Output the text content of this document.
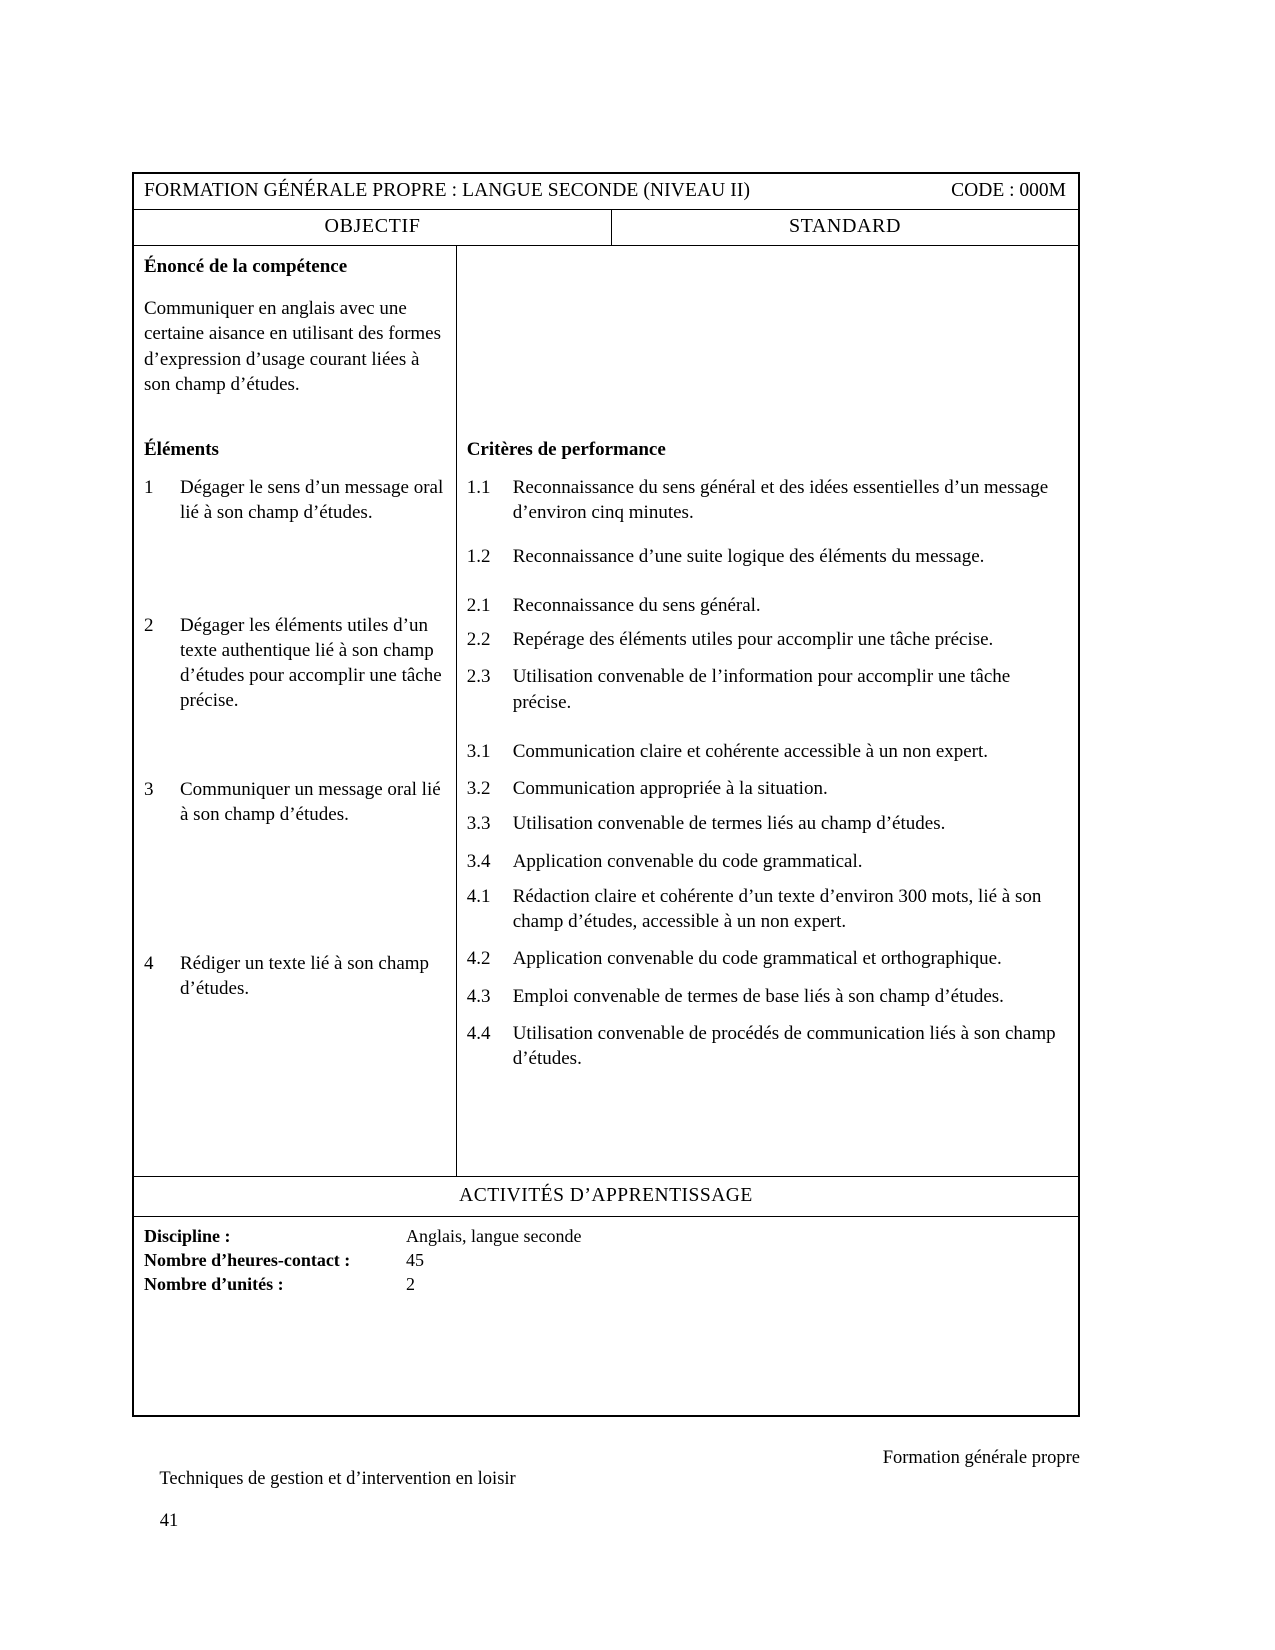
FORMATION GÉNÉRALE PROPRE : LANGUE SECONDE (NIVEAU II)	CODE : 000M
OBJECTIF	STANDARD
Énoncé de la compétence
Communiquer en anglais avec une certaine aisance en utilisant des formes d’expression d’usage courant liées à son champ d’études.
Éléments
1	Dégager le sens d’un message oral lié à son champ d’études.
2	Dégager les éléments utiles d’un texte authentique lié à son champ d’études pour accomplir une tâche précise.
3	Communiquer un message oral lié à son champ d’études.
4	Rédiger un texte lié à son champ d’études.
Critères de performance
1.1	Reconnaissance du sens général et des idées essentielles d’un message d’environ cinq minutes.
1.2	Reconnaissance d’une suite logique des éléments du message.
2.1	Reconnaissance du sens général.
2.2	Repérage des éléments utiles pour accomplir une tâche précise.
2.3	Utilisation convenable de l’information pour accomplir une tâche précise.
3.1	Communication claire et cohérente accessible à un non expert.
3.2	Communication appropriée à la situation.
3.3	Utilisation convenable de termes liés au champ d’études.
3.4	Application convenable du code grammatical.
4.1	Rédaction claire et cohérente d’un texte d’environ 300 mots, lié à son champ d’études, accessible à un non expert.
4.2	Application convenable du code grammatical et orthographique.
4.3	Emploi convenable de termes de base liés à son champ d’études.
4.4	Utilisation convenable de procédés de communication liés à son champ d’études.
ACTIVITÉS D’APPRENTISSAGE
Discipline :	Anglais, langue seconde
Nombre d’heures-contact :	45
Nombre d’unités :	2

Techniques de gestion et d’intervention en loisir

41

Formation générale propre
